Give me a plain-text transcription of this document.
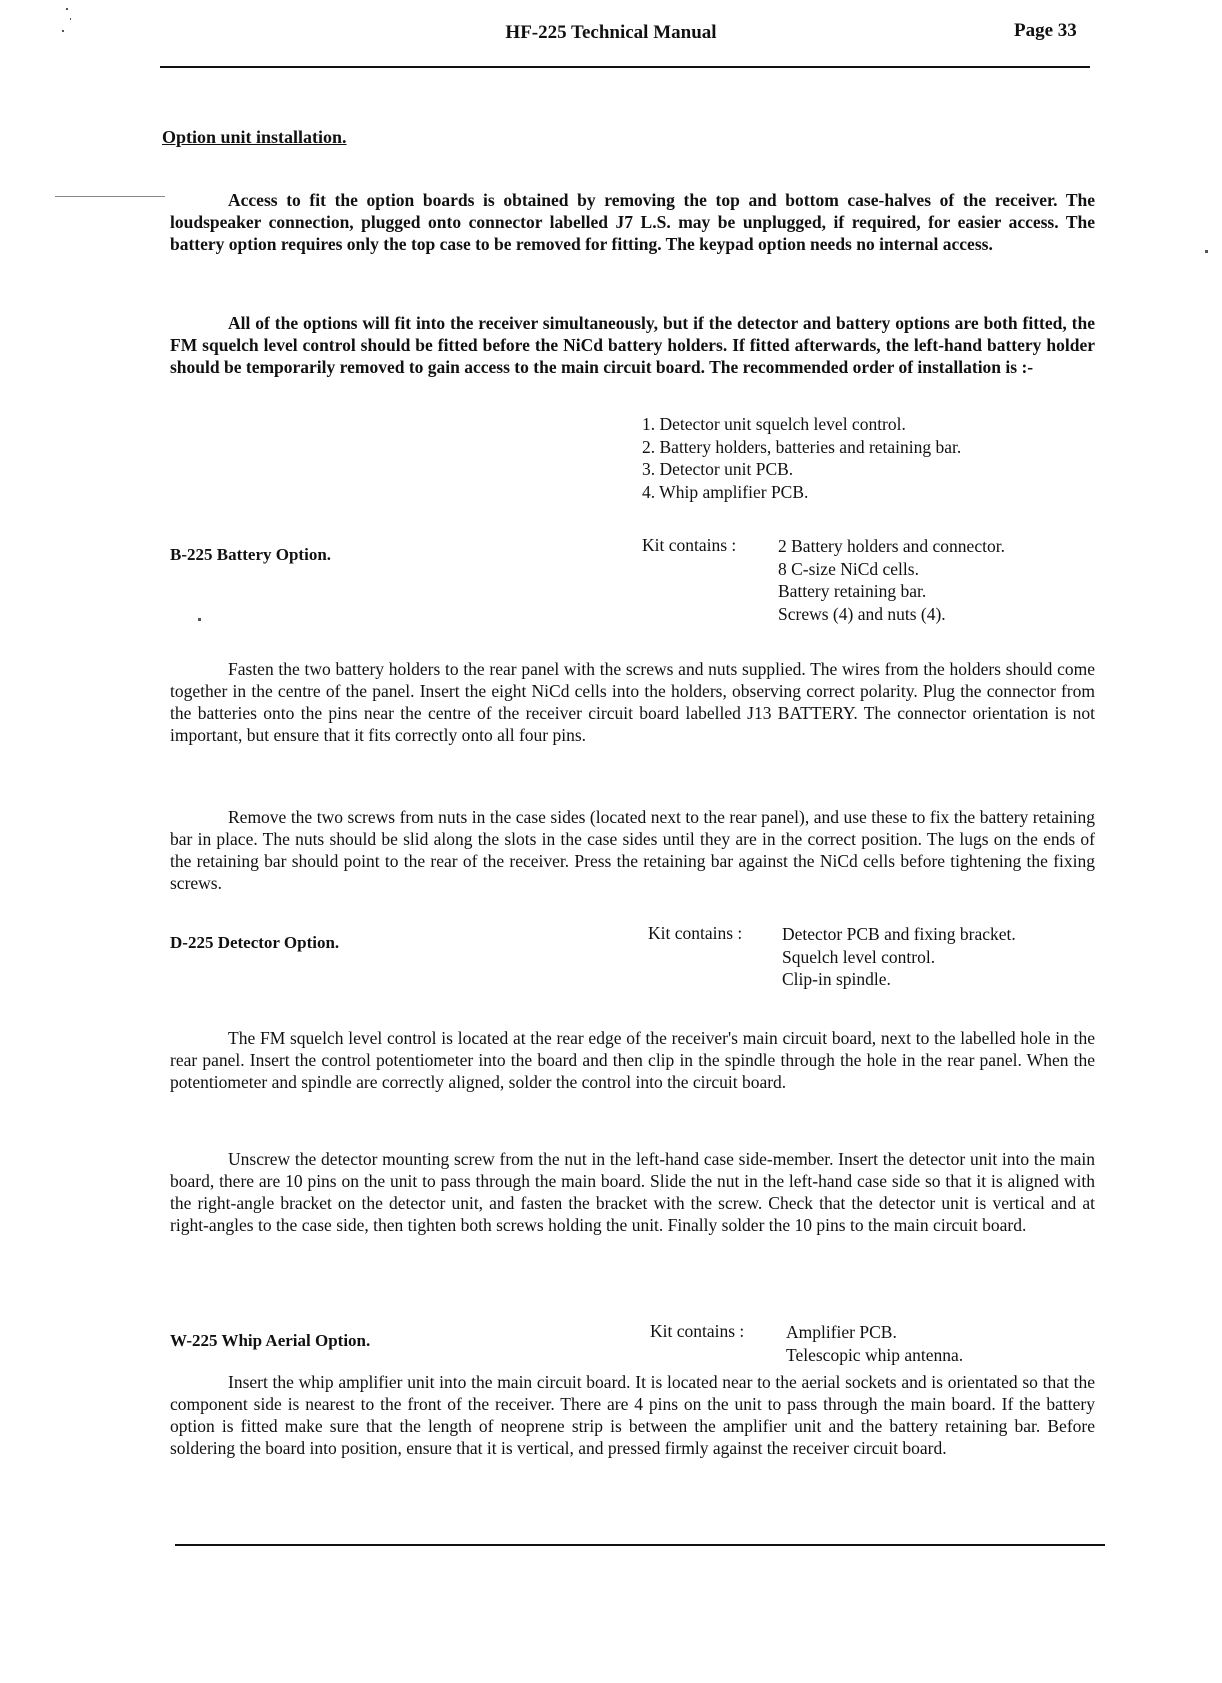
HF-225 Technical Manual	Page 33
Option unit installation.

Access to fit the option boards is obtained by removing the top and bottom case-halves of the receiver. The loudspeaker connection, plugged onto connector labelled J7 L.S. may be unplugged, if required, for easier access. The battery option requires only the top case to be removed for fitting. The keypad option needs no internal access.

All of the options will fit into the receiver simultaneously, but if the detector and battery options are both fitted, the FM squelch level control should be fitted before the NiCd battery holders. If fitted afterwards, the left-hand battery holder should be temporarily removed to gain access to the main circuit board. The recommended order of installation is :-

1. Detector unit squelch level control.
2. Battery holders, batteries and retaining bar.
3. Detector unit PCB.
4. Whip amplifier PCB.
B-225 Battery Option.	Kit contains : 2 Battery holders and connector.
8 C-size NiCd cells.
Battery retaining bar.
Screws (4) and nuts (4).

Fasten the two battery holders to the rear panel with the screws and nuts supplied. The wires from the holders should come together in the centre of the panel. Insert the eight NiCd cells into the holders, observing correct polarity. Plug the connector from the batteries onto the pins near the centre of the receiver circuit board labelled J13 BATTERY. The connector orientation is not important, but ensure that it fits correctly onto all four pins.

Remove the two screws from nuts in the case sides (located next to the rear panel), and use these to fix the battery retaining bar in place. The nuts should be slid along the slots in the case sides until they are in the correct position. The lugs on the ends of the retaining bar should point to the rear of the receiver. Press the retaining bar against the NiCd cells before tightening the fixing screws.

D-225 Detector Option.	Kit contains : Detector PCB and fixing bracket.
Squelch level control.
Clip-in spindle.

The FM squelch level control is located at the rear edge of the receiver's main circuit board, next to the labelled hole in the rear panel. Insert the control potentiometer into the board and then clip in the spindle through the hole in the rear panel. When the potentiometer and spindle are correctly aligned, solder the control into the circuit board.

Unscrew the detector mounting screw from the nut in the left-hand case side-member. Insert the detector unit into the main board, there are 10 pins on the unit to pass through the main board. Slide the nut in the left-hand case side so that it is aligned with the right-angle bracket on the detector unit, and fasten the bracket with the screw. Check that the detector unit is vertical and at right-angles to the case side, then tighten both screws holding the unit. Finally solder the 10 pins to the main circuit board.

W-225 Whip Aerial Option.	Kit contains : Amplifier PCB.
Telescopic whip antenna.

Insert the whip amplifier unit into the main circuit board. It is located near to the aerial sockets and is orientated so that the component side is nearest to the front of the receiver. There are 4 pins on the unit to pass through the main board. If the battery option is fitted make sure that the length of neoprene strip is between the amplifier unit and the battery retaining bar. Before soldering the board into position, ensure that it is vertical, and pressed firmly against the receiver circuit board.
